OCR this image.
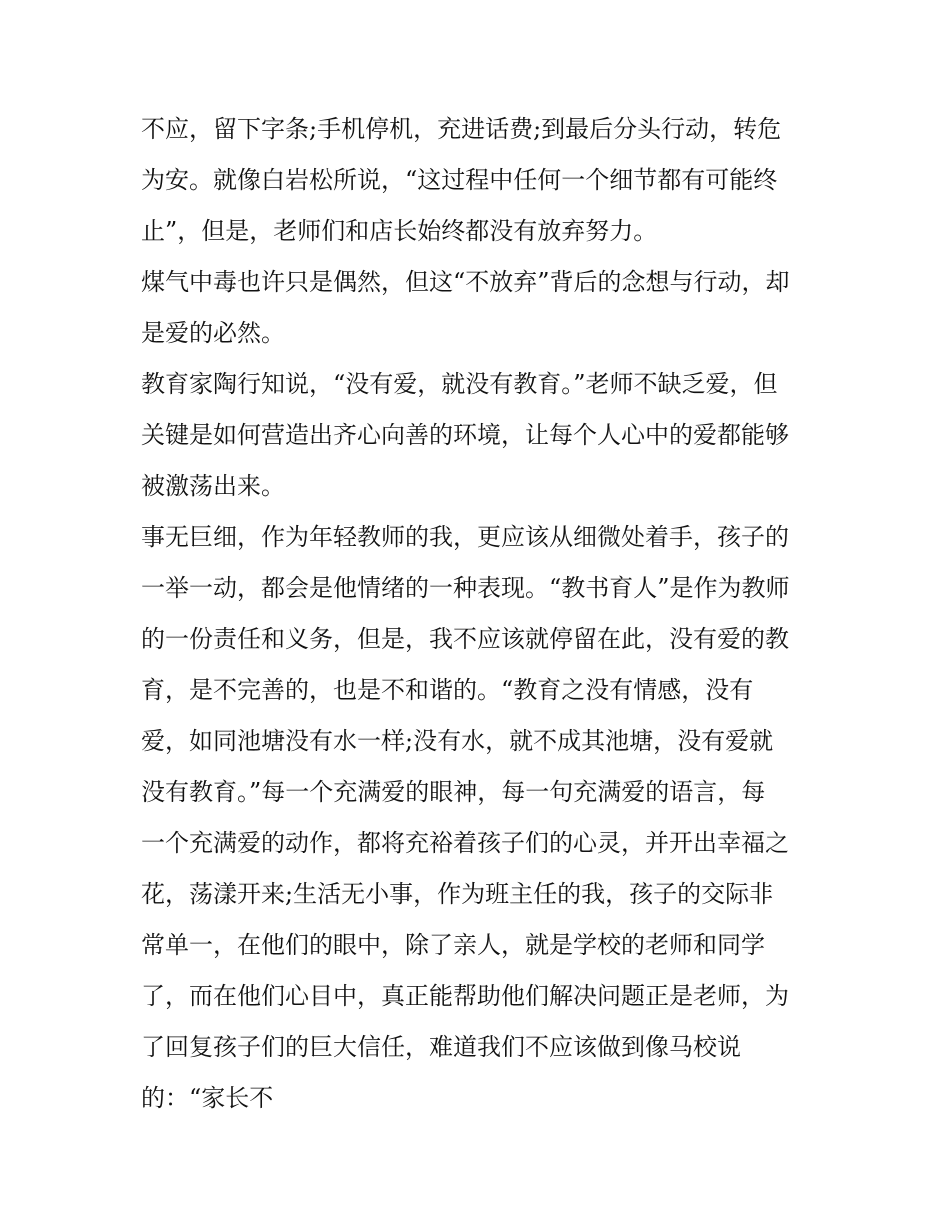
不应，留下字条;手机停机，充进话费;到最后分头行动，转危
为安。就像白岩松所说，“这过程中任何一个细节都有可能终
止”，但是，老师们和店长始终都没有放弃努力。
煤气中毒也许只是偶然，但这“不放弃”背后的念想与行动，却
是爱的必然。
教育家陶行知说，“没有爱，就没有教育。”老师不缺乏爱，但
关键是如何营造出齐心向善的环境，让每个人心中的爱都能够
被激荡出来。
事无巨细，作为年轻教师的我，更应该从细微处着手，孩子的
一举一动，都会是他情绪的一种表现。“教书育人”是作为教师
的一份责任和义务，但是，我不应该就停留在此，没有爱的教
育，是不完善的，也是不和谐的。“教育之没有情感，没有
爱，如同池塘没有水一样;没有水，就不成其池塘，没有爱就
没有教育。”每一个充满爱的眼神，每一句充满爱的语言，每
一个充满爱的动作，都将充裕着孩子们的心灵，并开出幸福之
花，荡漾开来;生活无小事，作为班主任的我，孩子的交际非
常单一，在他们的眼中，除了亲人，就是学校的老师和同学
了，而在他们心目中，真正能帮助他们解决问题正是老师，为
了回复孩子们的巨大信任，难道我们不应该做到像马校说
的：“家长不
